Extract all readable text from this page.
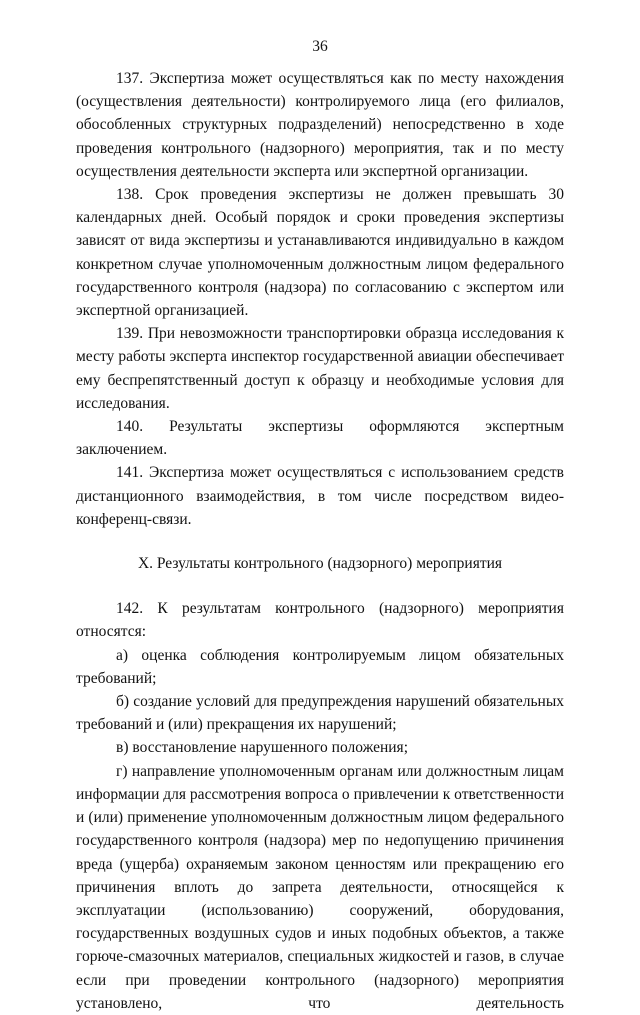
36

137. Экспертиза может осуществляться как по месту нахождения (осуществления деятельности) контролируемого лица (его филиалов, обособленных структурных подразделений) непосредственно в ходе проведения контрольного (надзорного) мероприятия, так и по месту осуществления деятельности эксперта или экспертной организации.

138. Срок проведения экспертизы не должен превышать 30 календарных дней. Особый порядок и сроки проведения экспертизы зависят от вида экспертизы и устанавливаются индивидуально в каждом конкретном случае уполномоченным должностным лицом федерального государственного контроля (надзора) по согласованию с экспертом или экспертной организацией.

139. При невозможности транспортировки образца исследования к месту работы эксперта инспектор государственной авиации обеспечивает ему беспрепятственный доступ к образцу и необходимые условия для исследования.

140. Результаты экспертизы оформляются экспертным заключением.

141. Экспертиза может осуществляться с использованием средств дистанционного взаимодействия, в том числе посредством видео-конференц-связи.

X. Результаты контрольного (надзорного) мероприятия

142. К результатам контрольного (надзорного) мероприятия относятся:

а) оценка соблюдения контролируемым лицом обязательных требований;

б) создание условий для предупреждения нарушений обязательных требований и (или) прекращения их нарушений;

в) восстановление нарушенного положения;

г) направление уполномоченным органам или должностным лицам информации для рассмотрения вопроса о привлечении к ответственности и (или) применение уполномоченным должностным лицом федерального государственного контроля (надзора) мер по недопущению причинения вреда (ущерба) охраняемым законом ценностям или прекращению его причинения вплоть до запрета деятельности, относящейся к эксплуатации (использованию) сооружений, оборудования, государственных воздушных судов и иных подобных объектов, а также горюче-смазочных материалов, специальных жидкостей и газов, в случае если при проведении контрольного (надзорного) мероприятия установлено, что деятельность
